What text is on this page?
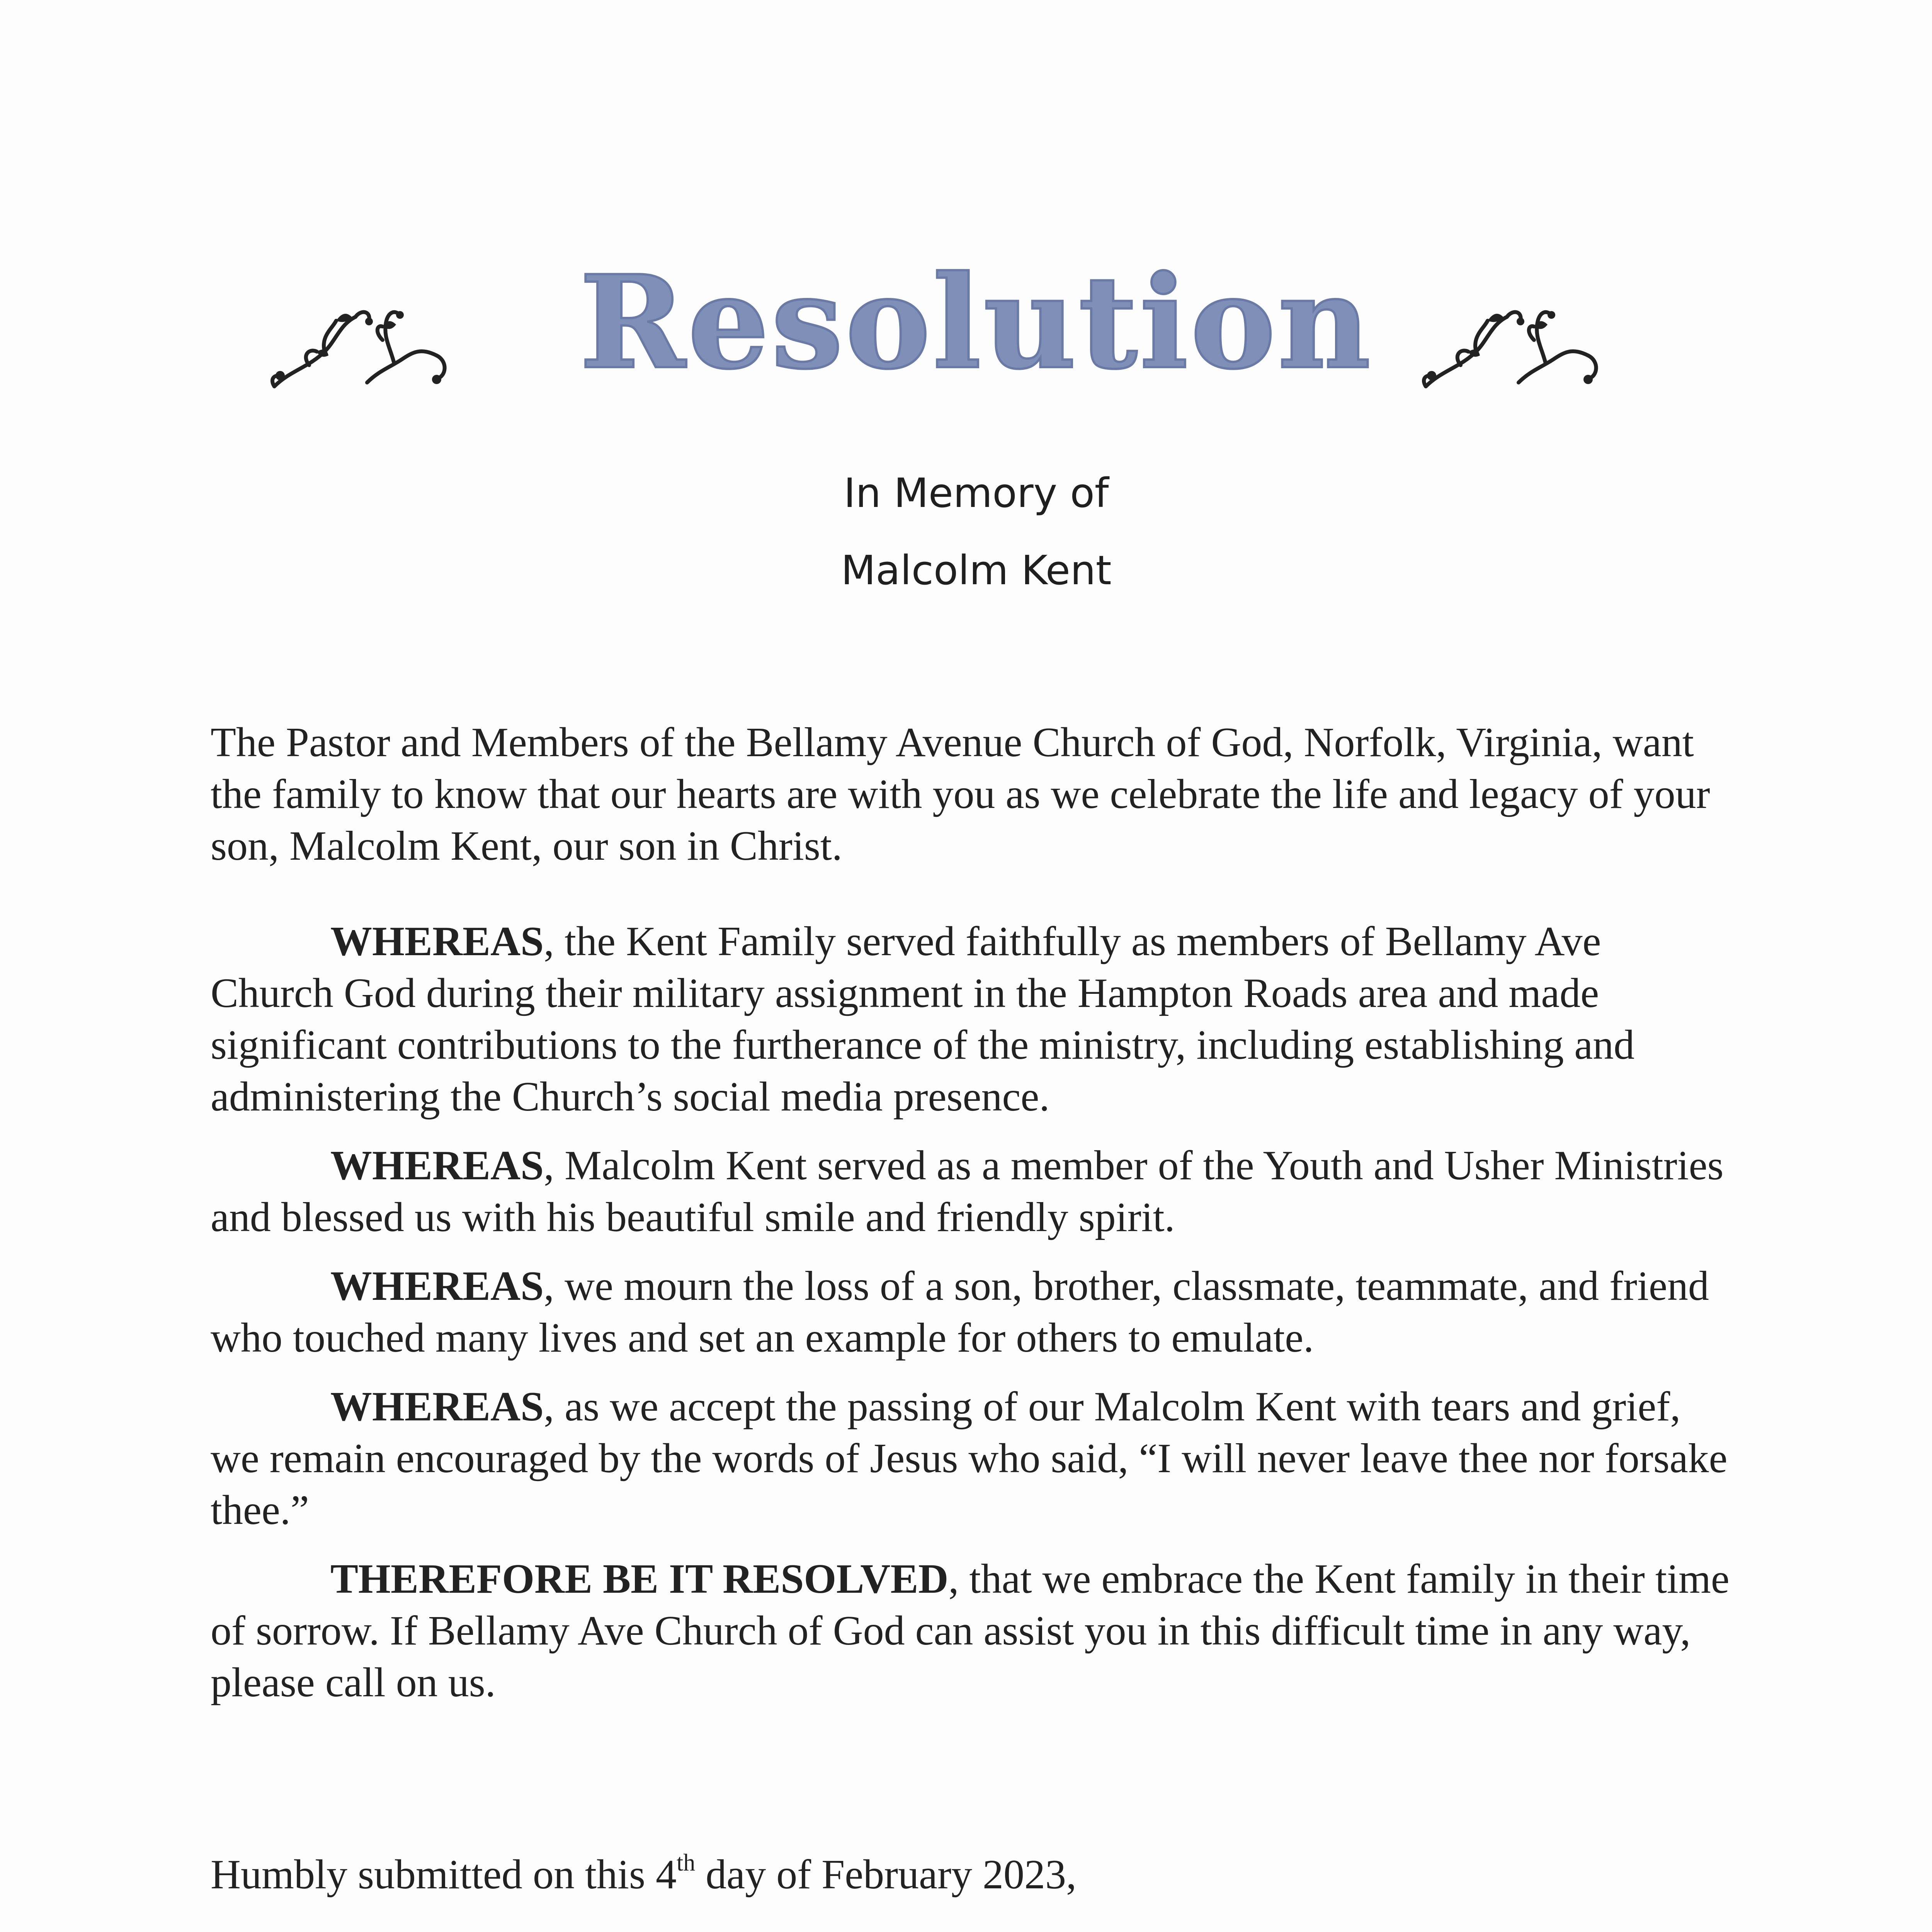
Resolution
In Memory of
Malcolm Kent

The Pastor and Members of the Bellamy Avenue Church of God, Norfolk, Virginia, want the family to know that our hearts are with you as we celebrate the life and legacy of your son, Malcolm Kent, our son in Christ.

WHEREAS, the Kent Family served faithfully as members of Bellamy Ave Church God during their military assignment in the Hampton Roads area and made significant contributions to the furtherance of the ministry, including establishing and administering the Church’s social media presence.

WHEREAS, Malcolm Kent served as a member of the Youth and Usher Ministries and blessed us with his beautiful smile and friendly spirit.

WHEREAS, we mourn the loss of a son, brother, classmate, teammate, and friend who touched many lives and set an example for others to emulate.

WHEREAS, as we accept the passing of our Malcolm Kent with tears and grief, we remain encouraged by the words of Jesus who said, “I will never leave thee nor forsake thee.”

THEREFORE BE IT RESOLVED, that we embrace the Kent family in their time of sorrow. If Bellamy Ave Church of God can assist you in this difficult time in any way, please call on us.

Humbly submitted on this 4th day of February 2023,
